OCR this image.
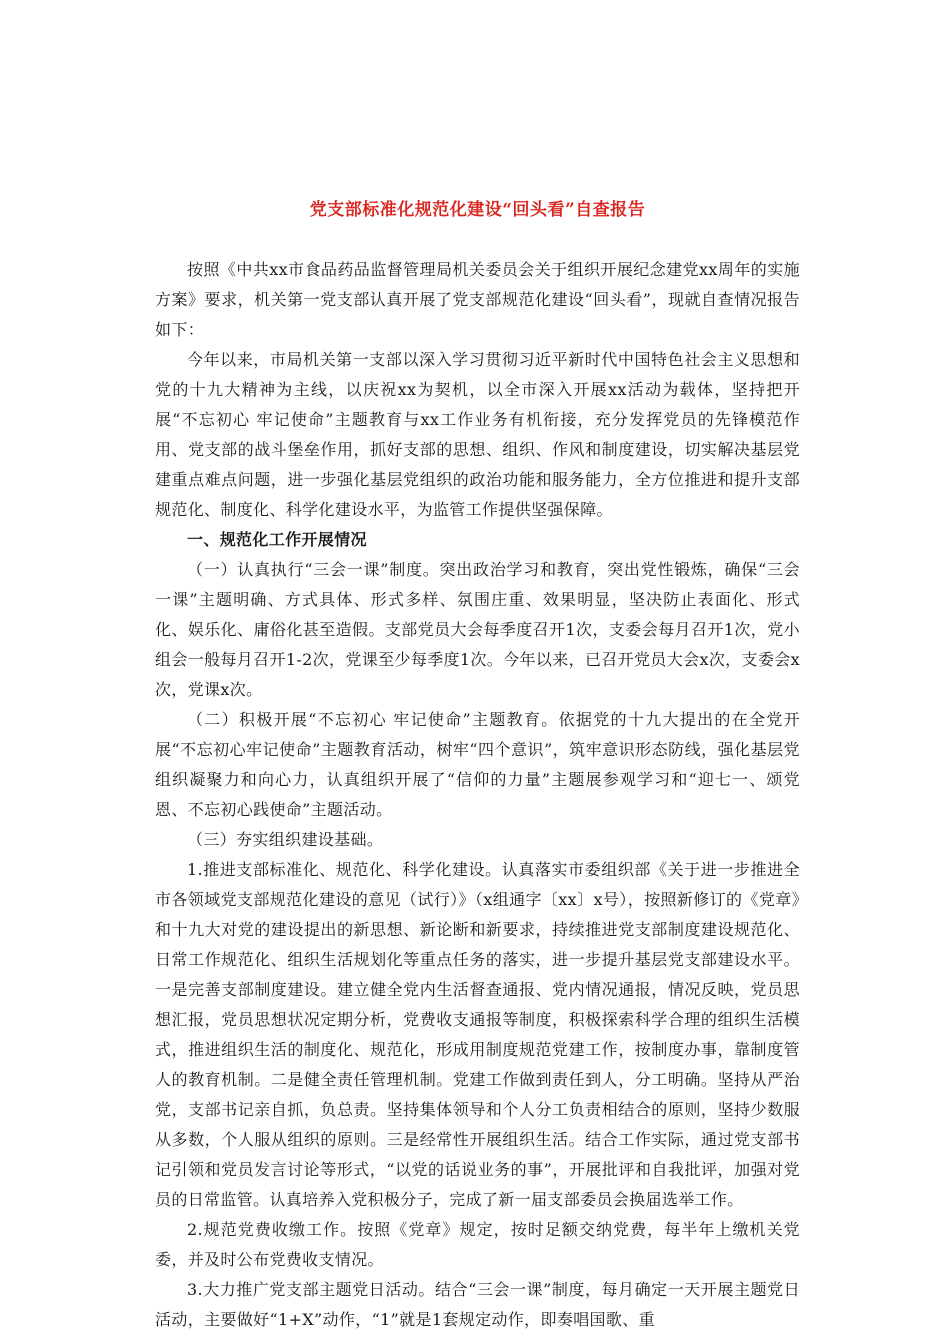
党支部标准化规范化建设“回头看”自查报告

按照《中共xx市食品药品监督管理局机关委员会关于组织开展纪念建党xx周年的实施方案》要求，机关第一党支部认真开展了党支部规范化建设“回头看”，现就自查情况报告如下：

今年以来，市局机关第一支部以深入学习贯彻习近平新时代中国特色社会主义思想和党的十九大精神为主线，以庆祝xx为契机，以全市深入开展xx活动为载体，坚持把开展“不忘初心 牢记使命”主题教育与xx工作业务有机衔接，充分发挥党员的先锋模范作用、党支部的战斗堡垒作用，抓好支部的思想、组织、作风和制度建设，切实解决基层党建重点难点问题，进一步强化基层党组织的政治功能和服务能力，全方位推进和提升支部规范化、制度化、科学化建设水平，为监管工作提供坚强保障。

一、规范化工作开展情况

（一）认真执行“三会一课”制度。突出政治学习和教育，突出党性锻炼，确保“三会一课”主题明确、方式具体、形式多样、氛围庄重、效果明显，坚决防止表面化、形式化、娱乐化、庸俗化甚至造假。支部党员大会每季度召开1次，支委会每月召开1次，党小组会一般每月召开1-2次，党课至少每季度1次。今年以来，已召开党员大会x次，支委会x次，党课x次。

（二）积极开展“不忘初心 牢记使命”主题教育。依据党的十九大提出的在全党开展“不忘初心牢记使命”主题教育活动，树牢“四个意识”，筑牢意识形态防线，强化基层党组织凝聚力和向心力，认真组织开展了“信仰的力量”主题展参观学习和“迎七一、颂党恩、不忘初心践使命”主题活动。

（三）夯实组织建设基础。

1.推进支部标准化、规范化、科学化建设。认真落实市委组织部《关于进一步推进全市各领域党支部规范化建设的意见（试行）》（x组通字〔xx〕x号），按照新修订的《党章》和十九大对党的建设提出的新思想、新论断和新要求，持续推进党支部制度建设规范化、日常工作规范化、组织生活规划化等重点任务的落实，进一步提升基层党支部建设水平。一是完善支部制度建设。建立健全党内生活督查通报、党内情况通报，情况反映，党员思想汇报，党员思想状况定期分析，党费收支通报等制度，积极探索科学合理的组织生活模式，推进组织生活的制度化、规范化，形成用制度规范党建工作，按制度办事，靠制度管人的教育机制。二是健全责任管理机制。党建工作做到责任到人，分工明确。坚持从严治党，支部书记亲自抓，负总责。坚持集体领导和个人分工负责相结合的原则，坚持少数服从多数，个人服从组织的原则。三是经常性开展组织生活。结合工作实际，通过党支部书记引领和党员发言讨论等形式，“以党的话说业务的事”，开展批评和自我批评，加强对党员的日常监管。认真培养入党积极分子，完成了新一届支部委员会换届选举工作。

2.规范党费收缴工作。按照《党章》规定，按时足额交纳党费，每半年上缴机关党委，并及时公布党费收支情况。

3.大力推广党支部主题党日活动。结合“三会一课”制度，每月确定一天开展主题党日活动，主要做好“1+X”动作，“1”就是1套规定动作，即奏唱国歌、重
